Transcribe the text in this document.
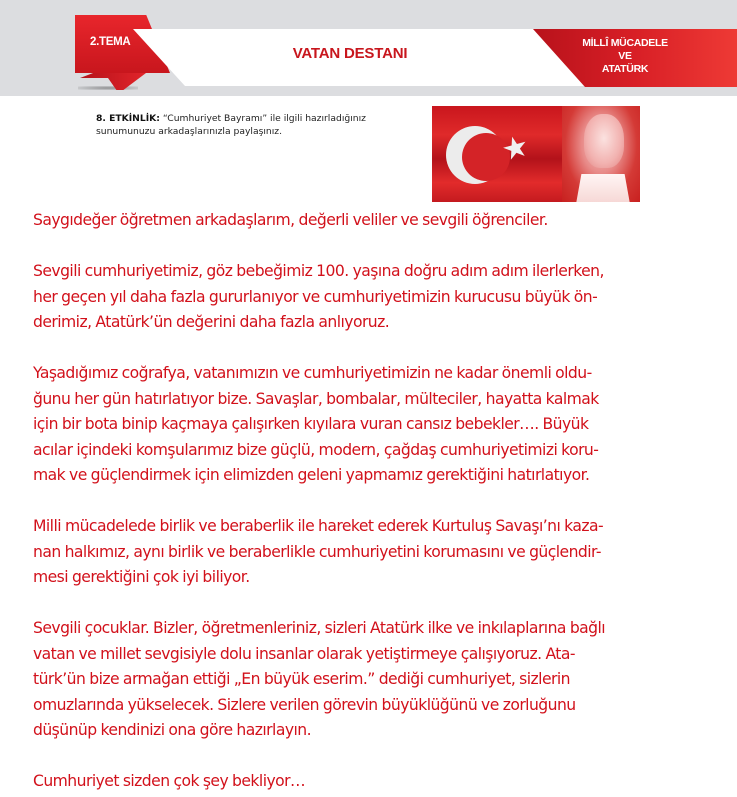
2.TEMA
VATAN DESTANI
MİLLÎ MÜCADELE
VE
ATATÜRK
8. ETKİNLİK: “Cumhuriyet Bayramı” ile ilgili hazırladığınız
sunumunuzu arkadaşlarınızla paylaşınız.	★
Saygıdeğer öğretmen arkadaşlarım, değerli veliler ve sevgili öğrenciler.
Sevgili cumhuriyetimiz, göz bebeğimiz 100. yaşına doğru adım adım ilerlerken,
her geçen yıl daha fazla gururlanıyor ve cumhuriyetimizin kurucusu büyük ön-
derimiz, Atatürk’ün değerini daha fazla anlıyoruz.
Yaşadığımız coğrafya, vatanımızın ve cumhuriyetimizin ne kadar önemli oldu-
ğunu her gün hatırlatıyor bize. Savaşlar, bombalar, mülteciler, hayatta kalmak
için bir bota binip kaçmaya çalışırken kıyılara vuran cansız bebekler…. Büyük
acılar içindeki komşularımız bize güçlü, modern, çağdaş cumhuriyetimizi koru-
mak ve güçlendirmek için elimizden geleni yapmamız gerektiğini hatırlatıyor.
Milli mücadelede birlik ve beraberlik ile hareket ederek Kurtuluş Savaşı’nı kaza-
nan halkımız, aynı birlik ve beraberlikle cumhuriyetini korumasını ve güçlendir-
mesi gerektiğini çok iyi biliyor.
Sevgili çocuklar. Bizler, öğretmenleriniz, sizleri Atatürk ilke ve inkılaplarına bağlı
vatan ve millet sevgisiyle dolu insanlar olarak yetiştirmeye çalışıyoruz. Ata-
türk’ün bize armağan ettiği „En büyük eserim.” dediği cumhuriyet, sizlerin
omuzlarında yükselecek. Sizlere verilen görevin büyüklüğünü ve zorluğunu
düşünüp kendinizi ona göre hazırlayın.
Cumhuriyet sizden çok şey bekliyor…
